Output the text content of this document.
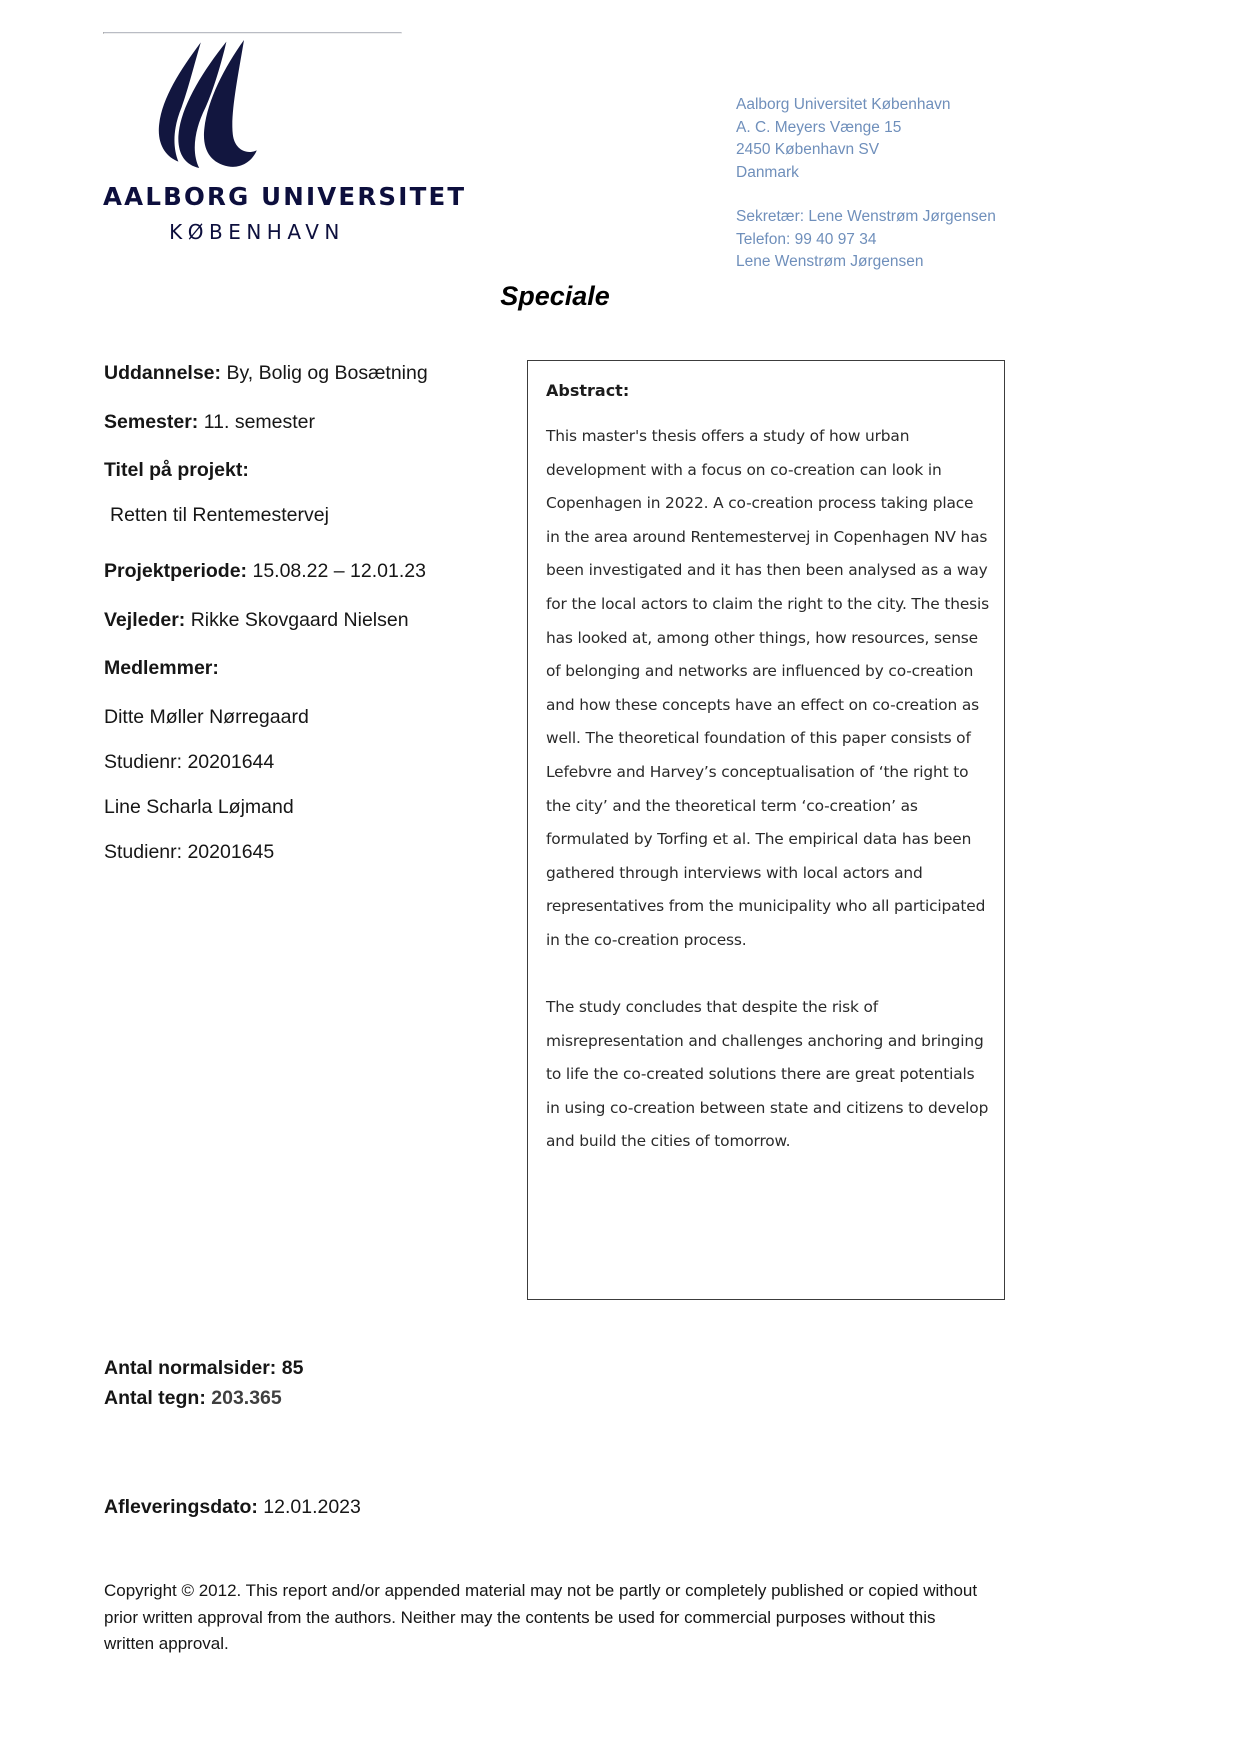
AALBORG UNIVERSITET
KØBENHAVN
Aalborg Universitet København
A. C. Meyers Vænge 15
2450 København SV
Danmark
Sekretær: Lene Wenstrøm Jørgensen
Telefon: 99 40 97 34
Lene Wenstrøm Jørgensen
Speciale
Uddannelse: By, Bolig og Bosætning
Semester: 11. semester
Titel på projekt:
Retten til Rentemestervej
Projektperiode: 15.08.22 – 12.01.23
Vejleder: Rikke Skovgaard Nielsen
Medlemmer:
Ditte Møller Nørregaard
Studienr: 20201644
Line Scharla Løjmand
Studienr: 20201645
Antal normalsider: 85
Antal tegn: 203.365
Afleveringsdato: 12.01.2023
Copyright © 2012. This report and/or appended material may not be partly or completely published or copied without prior written approval from the authors. Neither may the contents be used for commercial purposes without this written approval.
Abstract:

This master's thesis offers a study of how urban development with a focus on co-creation can look in Copenhagen in 2022. A co-creation process taking place in the area around Rentemestervej in Copenhagen NV has been investigated and it has then been analysed as a way for the local actors to claim the right to the city. The thesis has looked at, among other things, how resources, sense of belonging and networks are influenced by co-creation and how these concepts have an effect on co-creation as well. The theoretical foundation of this paper consists of Lefebvre and Harvey’s conceptualisation of ‘the right to the city’ and the theoretical term ‘co-creation’ as formulated by Torfing et al. The empirical data has been gathered through interviews with local actors and representatives from the municipality who all participated in the co-creation process.

The study concludes that despite the risk of misrepresentation and challenges anchoring and bringing to life the co-created solutions there are great potentials in using co-creation between state and citizens to develop and build the cities of tomorrow.
